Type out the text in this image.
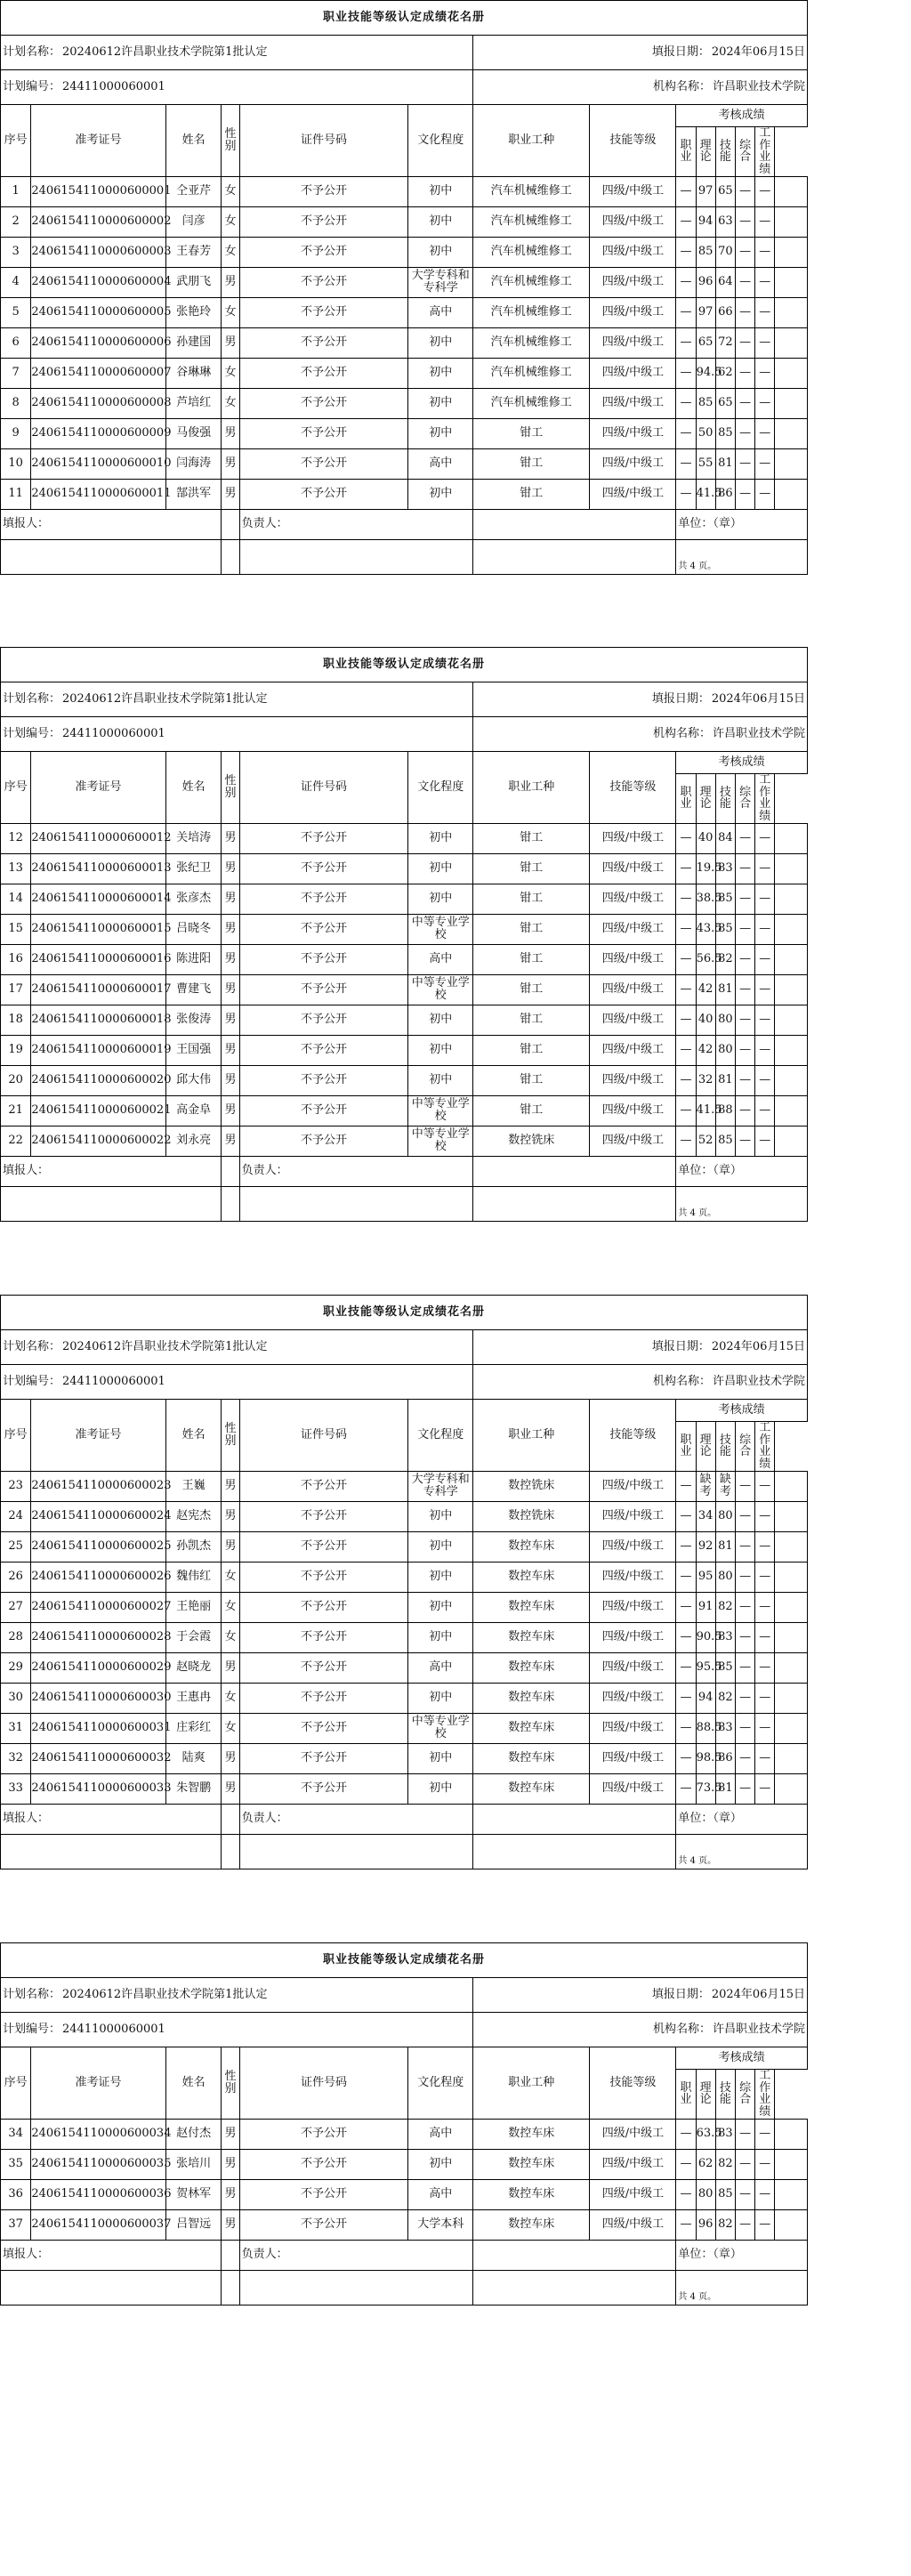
职业技能等级认定成绩花名册													
计划名称： 20240612许昌职业技术学院第1批认定						填报日期： 2024年06月15日							
计划编号： 24411000060001						机构名称： 许昌职业技术学院							
序号	准考证号	姓名	性别	证件号码	文化程度	职业工种	技能等级	考核成绩					
								职业	理论	技能	综合	工作业绩	
1	2406154110000600001	仝亚芹	女	不予公开	初中	汽车机械维修工	四级/中级工	—	97	65	—	—	
2	2406154110000600002	闫彦	女	不予公开	初中	汽车机械维修工	四级/中级工	—	94	63	—	—	
3	2406154110000600003	王春芳	女	不予公开	初中	汽车机械维修工	四级/中级工	—	85	70	—	—	
4	2406154110000600004	武朋飞	男	不予公开	大学专科和专科学	汽车机械维修工	四级/中级工	—	96	64	—	—	
5	2406154110000600005	张艳玲	女	不予公开	高中	汽车机械维修工	四级/中级工	—	97	66	—	—	
6	2406154110000600006	孙建国	男	不予公开	初中	汽车机械维修工	四级/中级工	—	65	72	—	—	
7	2406154110000600007	谷琳琳	女	不予公开	初中	汽车机械维修工	四级/中级工	—	94.5	62	—	—	
8	2406154110000600008	芦培红	女	不予公开	初中	汽车机械维修工	四级/中级工	—	85	65	—	—	
9	2406154110000600009	马俊强	男	不予公开	初中	钳工	四级/中级工	—	50	85	—	—	
10	2406154110000600010	闫海涛	男	不予公开	高中	钳工	四级/中级工	—	55	81	—	—	
11	2406154110000600011	郜洪军	男	不予公开	初中	钳工	四级/中级工	—	41.5	86	—	—	
填报人：				负责人：				单位：（章）					
								共 4 页。					
职业技能等级认定成绩花名册													
计划名称： 20240612许昌职业技术学院第1批认定						填报日期： 2024年06月15日							
计划编号： 24411000060001						机构名称： 许昌职业技术学院							
序号	准考证号	姓名	性别	证件号码	文化程度	职业工种	技能等级	考核成绩					
								职业	理论	技能	综合	工作业绩	
12	2406154110000600012	关培涛	男	不予公开	初中	钳工	四级/中级工	—	40	84	—	—	
13	2406154110000600013	张纪卫	男	不予公开	初中	钳工	四级/中级工	—	19.5	83	—	—	
14	2406154110000600014	张彦杰	男	不予公开	初中	钳工	四级/中级工	—	38.5	85	—	—	
15	2406154110000600015	吕晓冬	男	不予公开	中等专业学校	钳工	四级/中级工	—	43.5	85	—	—	
16	2406154110000600016	陈进阳	男	不予公开	高中	钳工	四级/中级工	—	56.5	82	—	—	
17	2406154110000600017	曹建飞	男	不予公开	中等专业学校	钳工	四级/中级工	—	42	81	—	—	
18	2406154110000600018	张俊涛	男	不予公开	初中	钳工	四级/中级工	—	40	80	—	—	
19	2406154110000600019	王国强	男	不予公开	初中	钳工	四级/中级工	—	42	80	—	—	
20	2406154110000600020	邱大伟	男	不予公开	初中	钳工	四级/中级工	—	32	81	—	—	
21	2406154110000600021	高金阜	男	不予公开	中等专业学校	钳工	四级/中级工	—	41.5	88	—	—	
22	2406154110000600022	刘永亮	男	不予公开	中等专业学校	数控铣床	四级/中级工	—	52	85	—	—	
填报人：				负责人：				单位：（章）					
								共 4 页。					
职业技能等级认定成绩花名册													
计划名称： 20240612许昌职业技术学院第1批认定						填报日期： 2024年06月15日							
计划编号： 24411000060001						机构名称： 许昌职业技术学院							
序号	准考证号	姓名	性别	证件号码	文化程度	职业工种	技能等级	考核成绩					
								职业	理论	技能	综合	工作业绩	
23	2406154110000600023	王巍	男	不予公开	大学专科和专科学	数控铣床	四级/中级工	—	缺考	缺考	—	—	
24	2406154110000600024	赵宪杰	男	不予公开	初中	数控铣床	四级/中级工	—	34	80	—	—	
25	2406154110000600025	孙凯杰	男	不予公开	初中	数控车床	四级/中级工	—	92	81	—	—	
26	2406154110000600026	魏伟红	女	不予公开	初中	数控车床	四级/中级工	—	95	80	—	—	
27	2406154110000600027	王艳丽	女	不予公开	初中	数控车床	四级/中级工	—	91	82	—	—	
28	2406154110000600028	于会霞	女	不予公开	初中	数控车床	四级/中级工	—	90.5	83	—	—	
29	2406154110000600029	赵晓龙	男	不予公开	高中	数控车床	四级/中级工	—	95.5	85	—	—	
30	2406154110000600030	王惠冉	女	不予公开	初中	数控车床	四级/中级工	—	94	82	—	—	
31	2406154110000600031	庄彩红	女	不予公开	中等专业学校	数控车床	四级/中级工	—	88.5	83	—	—	
32	2406154110000600032	陆爽	男	不予公开	初中	数控车床	四级/中级工	—	98.5	86	—	—	
33	2406154110000600033	朱智鹏	男	不予公开	初中	数控车床	四级/中级工	—	73.5	81	—	—	
填报人：				负责人：				单位：（章）					
								共 4 页。					
职业技能等级认定成绩花名册													
计划名称： 20240612许昌职业技术学院第1批认定						填报日期： 2024年06月15日							
计划编号： 24411000060001						机构名称： 许昌职业技术学院							
序号	准考证号	姓名	性别	证件号码	文化程度	职业工种	技能等级	考核成绩					
								职业	理论	技能	综合	工作业绩	
34	2406154110000600034	赵付杰	男	不予公开	高中	数控车床	四级/中级工	—	63.5	83	—	—	
35	2406154110000600035	张培川	男	不予公开	初中	数控车床	四级/中级工	—	62	82	—	—	
36	2406154110000600036	贺林军	男	不予公开	高中	数控车床	四级/中级工	—	80	85	—	—	
37	2406154110000600037	吕智远	男	不予公开	大学本科	数控车床	四级/中级工	—	96	82	—	—	
填报人：				负责人：				单位：（章）					
								共 4 页。					
